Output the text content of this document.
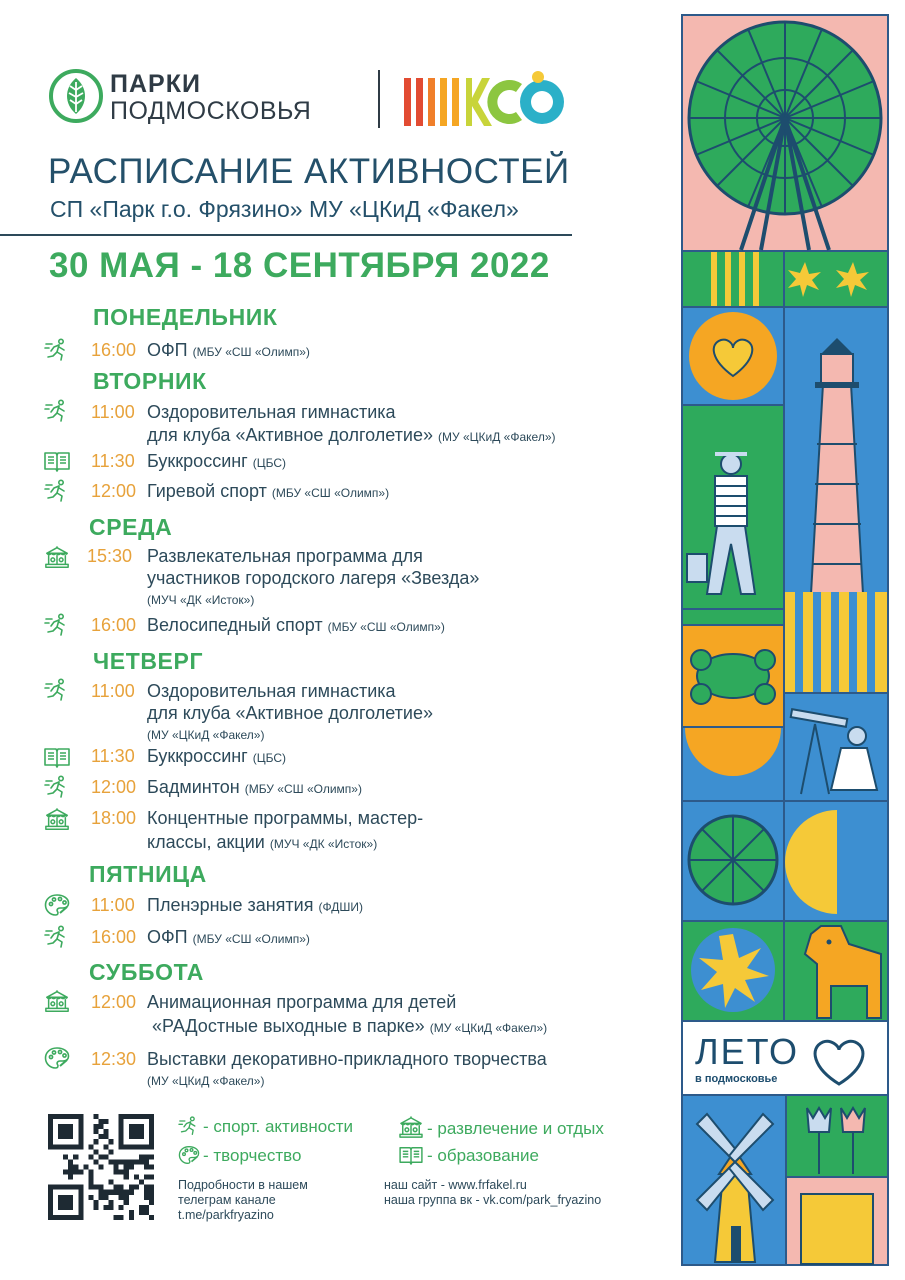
ПАРКИ
ПОДМОСКОВЬЯ
РАСПИСАНИЕ АКТИВНОСТЕЙ
СП «Парк г.о. Фрязино» МУ «ЦКиД «Факел»
30 МАЯ - 18 СЕНТЯБРЯ 2022
ПОНЕДЕЛЬНИК
16:00 ОФП (МБУ «СШ «Олимп»)
ВТОРНИК
11:00 Оздоровительная гимнастика
для клуба «Активное долголетие» (МУ «ЦКиД «Факел»)
11:30 Буккроссинг (ЦБС)
12:00 Гиревой спорт (МБУ «СШ «Олимп»)
СРЕДА
15:30 Развлекательная программа для
участников городского лагеря «Звезда»
(МУЧ «ДК «Исток»)
16:00 Велосипедный спорт (МБУ «СШ «Олимп»)
ЧЕТВЕРГ
11:00 Оздоровительная гимнастика
для клуба «Активное долголетие»
(МУ «ЦКиД «Факел»)
11:30 Буккроссинг (ЦБС)
12:00 Бадминтон (МБУ «СШ «Олимп»)
18:00 Концентные программы, мастер-
классы, акции (МУЧ «ДК «Исток»)
ПЯТНИЦА
11:00 Пленэрные занятия (ФДШИ)
16:00 ОФП (МБУ «СШ «Олимп»)
СУББОТА
12:00 Анимационная программа для детей
«РАДостные выходные в парке» (МУ «ЦКиД «Факел»)
12:30 Выставки декоративно-прикладного творчества
(МУ «ЦКиД «Факел»)
- спорт. активности	- развлечение и отдых
- творчество	- образование
Подробности в нашем
телеграм канале
t.me/parkfryazino
наш сайт - www.frfakel.ru
наша группа вк - vk.com/park_fryazino
ЛЕТО
в подмосковье
